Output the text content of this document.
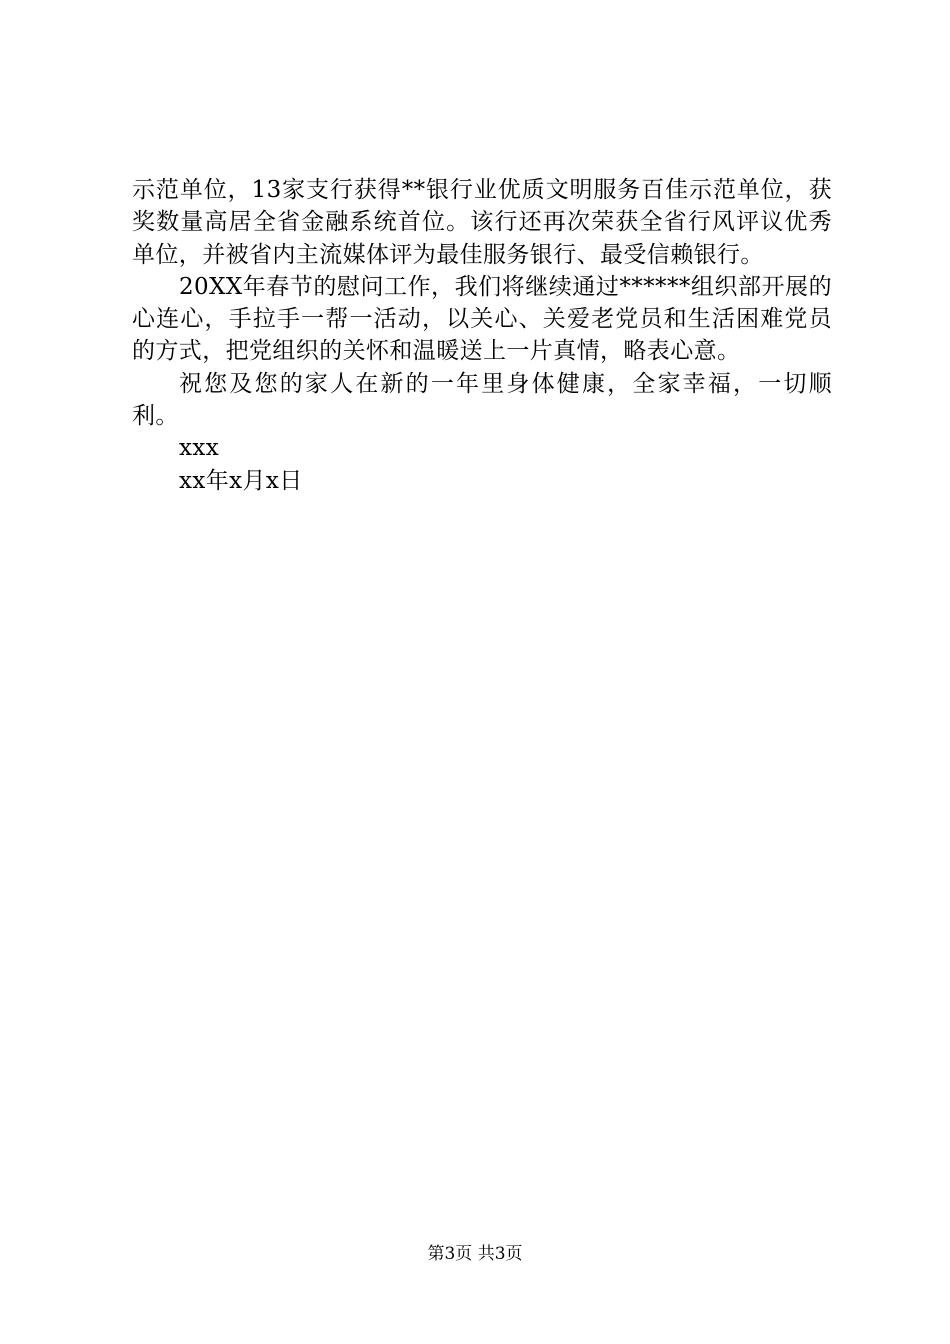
示范单位，13家支行获得**银行业优质文明服务百佳示范单位，获奖数量高居全省金融系统首位。该行还再次荣获全省行风评议优秀单位，并被省内主流媒体评为最佳服务银行、最受信赖银行。

20XX年春节的慰问工作，我们将继续通过******组织部开展的心连心，手拉手一帮一活动，以关心、关爱老党员和生活困难党员的方式，把党组织的关怀和温暖送上一片真情，略表心意。

祝您及您的家人在新的一年里身体健康，全家幸福，一切顺利。

xxx

xx年x月x日

第3页 共3页
